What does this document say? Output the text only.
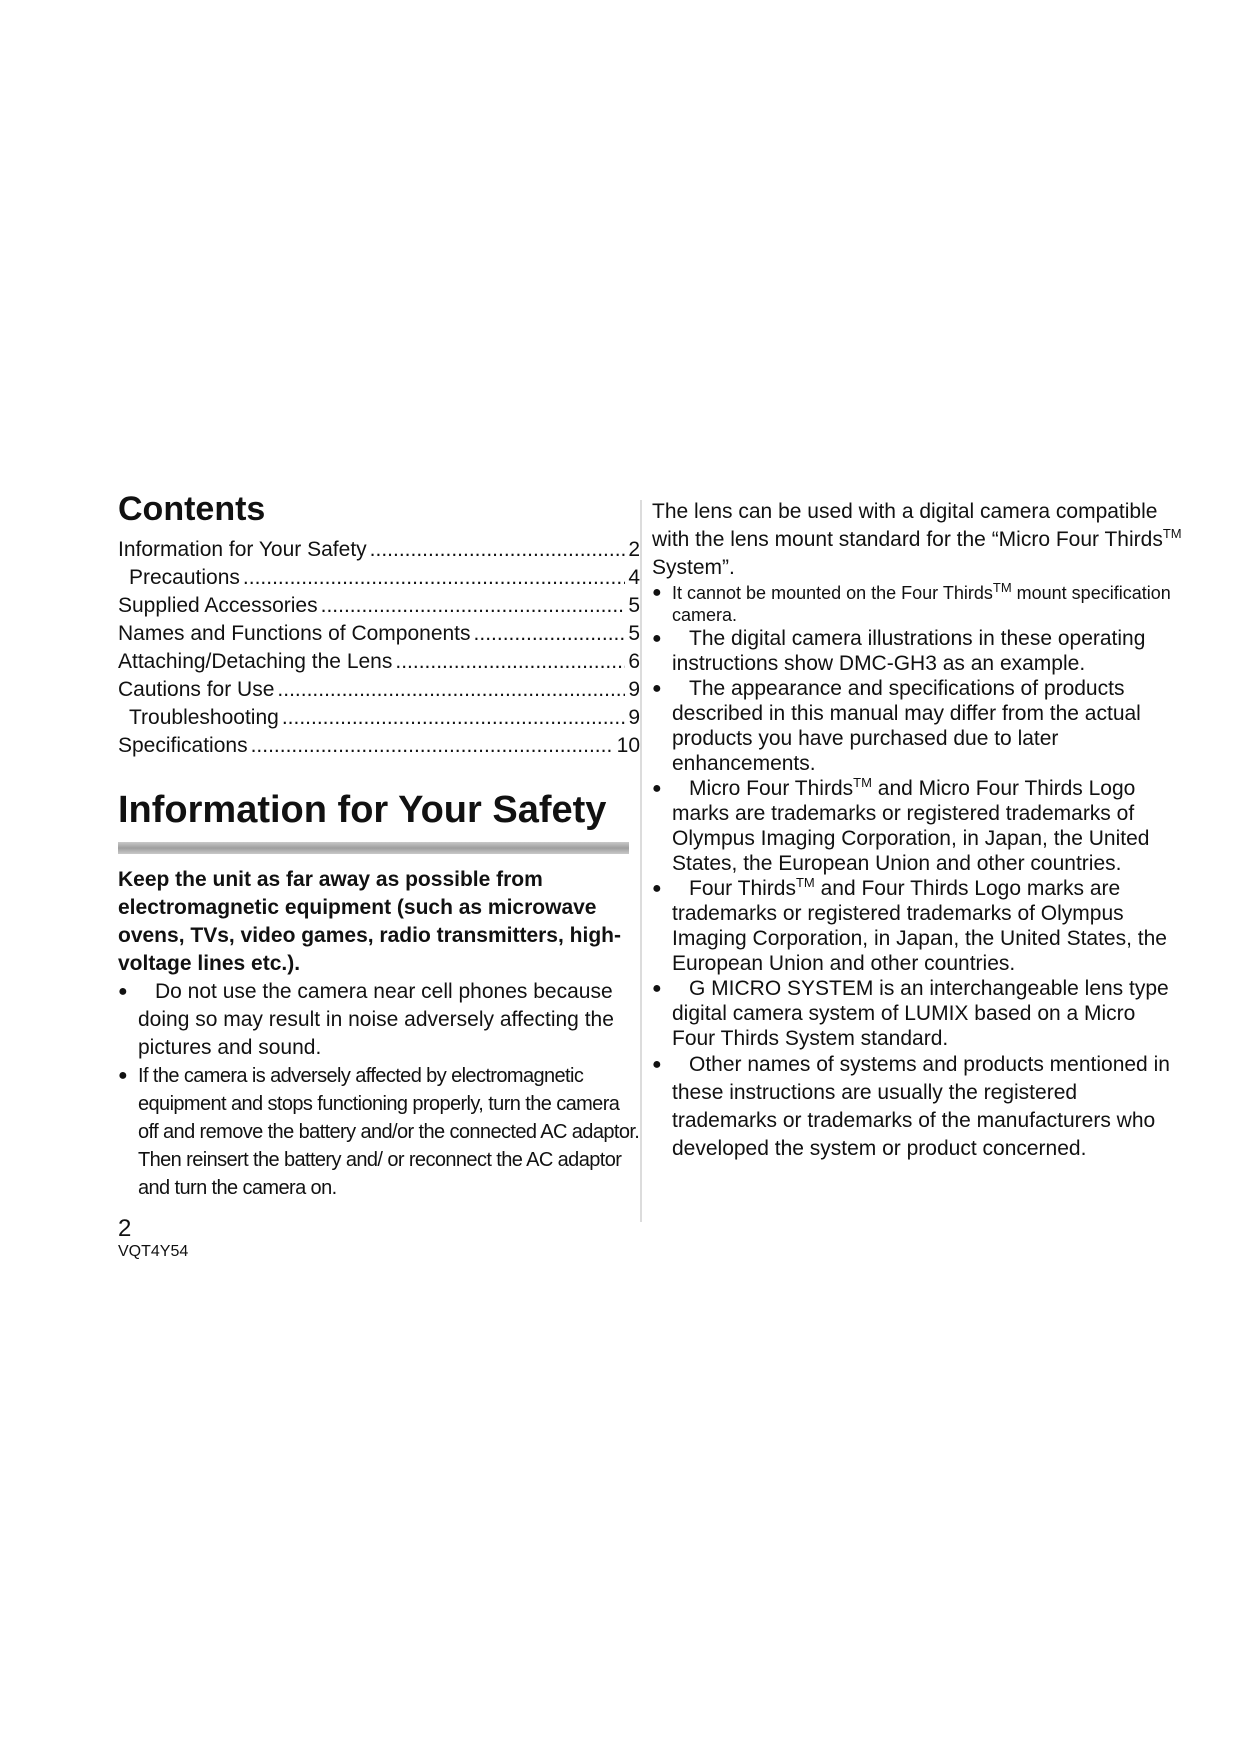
Contents
Information for Your Safety .....	2
Precautions .....	4
Supplied Accessories .....	5
Names and Functions of Components .....	5
Attaching/Detaching the Lens .....	6
Cautions for Use .....	9
Troubleshooting .....	9
Specifications .....	10
Information for Your Safety

Keep the unit as far away as possible from electromagnetic equipment (such as microwave ovens, TVs, video games, radio transmitters, high-voltage lines etc.).

●	Do not use the camera near cell phones because doing so may result in noise adversely affecting the pictures and sound.
● If the camera is adversely affected by electromagnetic equipment and stops functioning properly, turn the camera off and remove the battery and/or the connected AC adaptor. Then reinsert the battery and/ or reconnect the AC adaptor and turn the camera on.

The lens can be used with a digital camera compatible with the lens mount standard for the “Micro Four Thirds™ System”.

● It cannot be mounted on the Four Thirds™ mount specification camera.
●	The digital camera illustrations in these operating instructions show DMC-GH3 as an example.
●	The appearance and specifications of products described in this manual may differ from the actual products you have purchased due to later enhancements.
●	Micro Four Thirds™ and Micro Four Thirds Logo marks are trademarks or registered trademarks of Olympus Imaging Corporation, in Japan, the United States, the European Union and other countries.
●	Four Thirds™ and Four Thirds Logo marks are trademarks or registered trademarks of Olympus Imaging Corporation, in Japan, the United States, the European Union and other countries.
●	G MICRO SYSTEM is an interchangeable lens type digital camera system of LUMIX based on a Micro Four Thirds System standard.
●	Other names of systems and products mentioned in these instructions are usually the registered trademarks or trademarks of the manufacturers who developed the system or product concerned.
2
VQT4Y54
